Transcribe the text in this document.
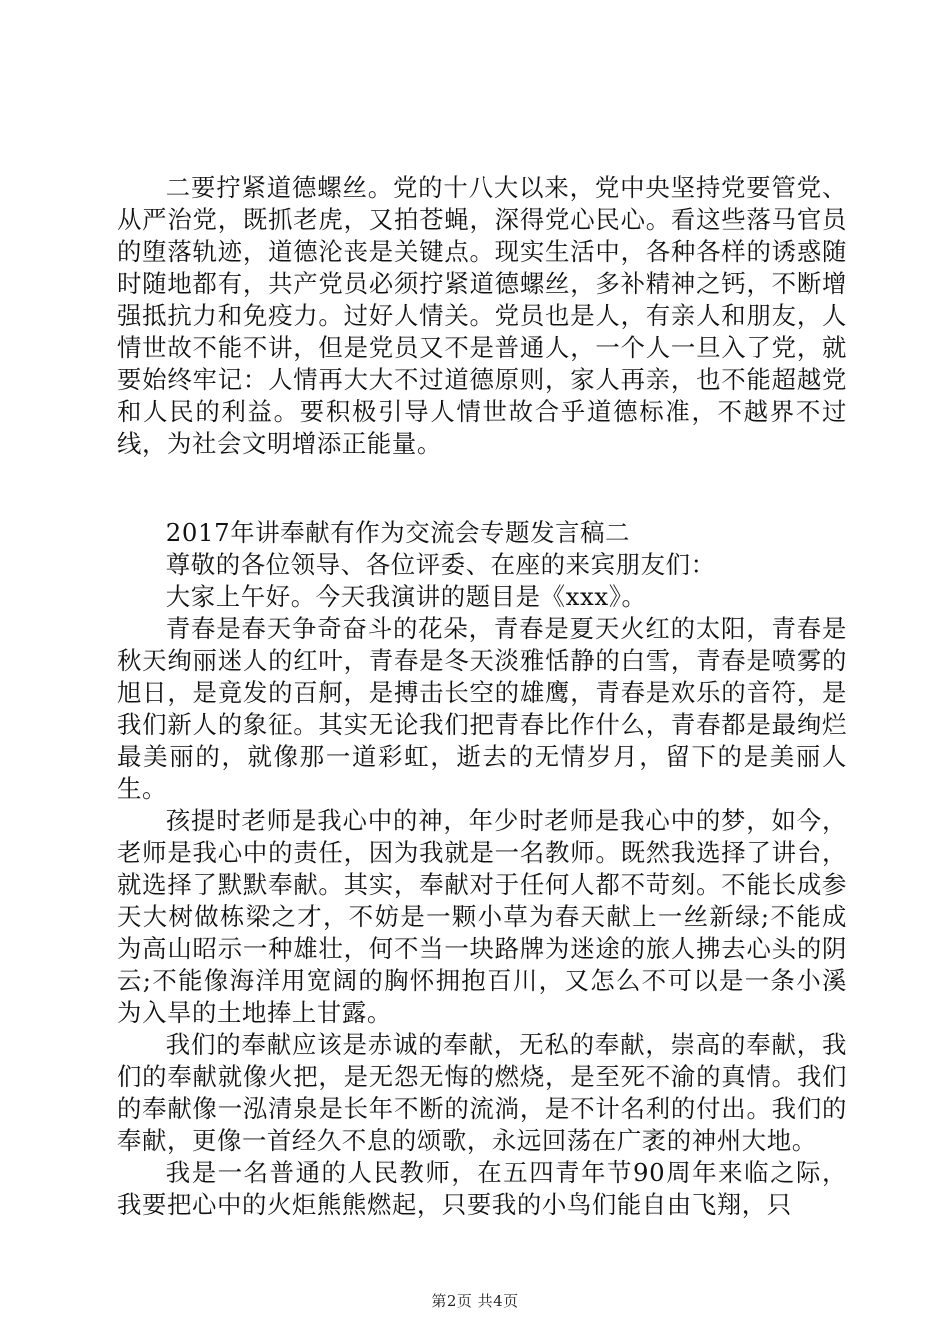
二要拧紧道德螺丝。党的十八大以来，党中央坚持党要管党、从严治党，既抓老虎，又拍苍蝇，深得党心民心。看这些落马官员的堕落轨迹，道德沦丧是关键点。现实生活中，各种各样的诱惑随时随地都有，共产党员必须拧紧道德螺丝，多补精神之钙，不断增强抵抗力和免疫力。过好人情关。党员也是人，有亲人和朋友，人情世故不能不讲，但是党员又不是普通人，一个人一旦入了党，就要始终牢记：人情再大大不过道德原则，家人再亲，也不能超越党和人民的利益。要积极引导人情世故合乎道德标准，不越界不过线，为社会文明增添正能量。

2017年讲奉献有作为交流会专题发言稿二

尊敬的各位领导、各位评委、在座的来宾朋友们：

大家上午好。今天我演讲的题目是《xxx》。

青春是春天争奇奋斗的花朵，青春是夏天火红的太阳，青春是秋天绚丽迷人的红叶，青春是冬天淡雅恬静的白雪，青春是喷雾的旭日，是竟发的百舸，是搏击长空的雄鹰，青春是欢乐的音符，是我们新人的象征。其实无论我们把青春比作什么，青春都是最绚烂最美丽的，就像那一道彩虹，逝去的无情岁月，留下的是美丽人生。

孩提时老师是我心中的神，年少时老师是我心中的梦，如今，老师是我心中的责任，因为我就是一名教师。既然我选择了讲台，就选择了默默奉献。其实，奉献对于任何人都不苛刻。不能长成参天大树做栋梁之才，不妨是一颗小草为春天献上一丝新绿;不能成为高山昭示一种雄壮，何不当一块路牌为迷途的旅人拂去心头的阴云;不能像海洋用宽阔的胸怀拥抱百川，又怎么不可以是一条小溪为入旱的土地捧上甘露。

我们的奉献应该是赤诚的奉献，无私的奉献，崇高的奉献，我们的奉献就像火把，是无怨无悔的燃烧，是至死不渝的真情。我们的奉献像一泓清泉是长年不断的流淌，是不计名利的付出。我们的奉献，更像一首经久不息的颂歌，永远回荡在广袤的神州大地。

我是一名普通的人民教师，在五四青年节90周年来临之际，我要把心中的火炬熊熊燃起，只要我的小鸟们能自由飞翔，只

第2页 共4页
